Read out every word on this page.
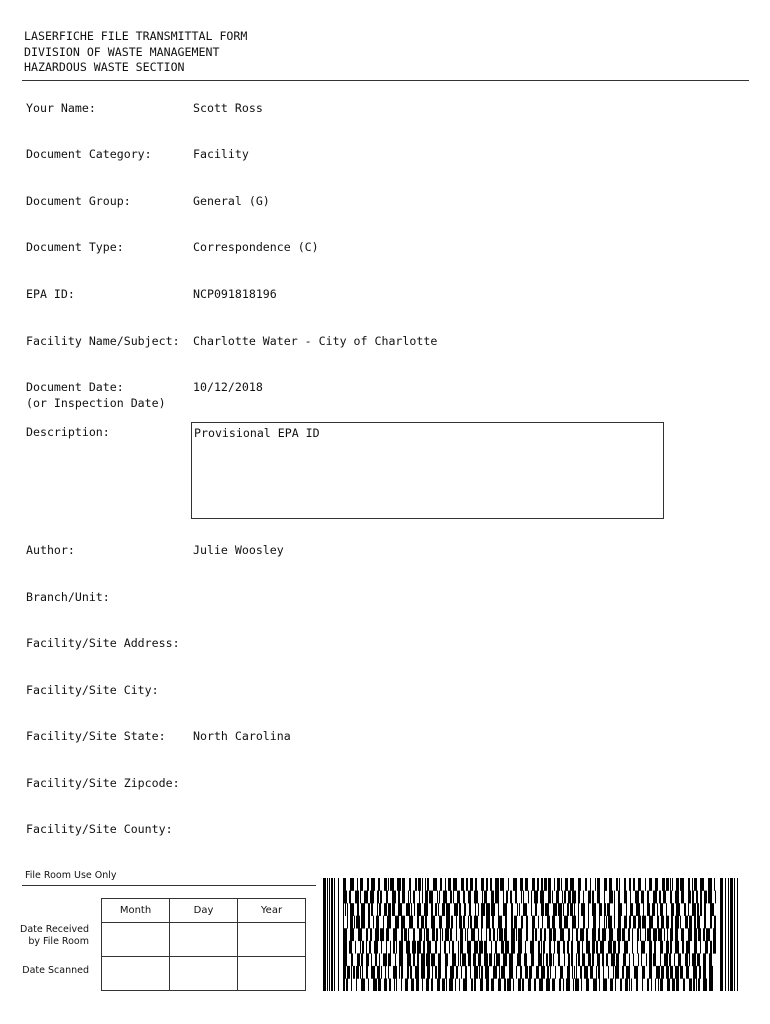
LASERFICHE FILE TRANSMITTAL FORM
DIVISION OF WASTE MANAGEMENT
HAZARDOUS WASTE SECTION
Your Name:	Scott Ross
Document Category:	Facility
Document Group:	General (G)
Document Type:	Correspondence (C)
EPA ID:	NCP091818196
Facility Name/Subject: Charlotte Water - City of Charlotte
Document Date:
(or Inspection Date)
10/12/2018
Description:	Provisional EPA ID
Author:	Julie Woosley
Branch/Unit:
Facility/Site Address:
Facility/Site City:
Facility/Site State: North Carolina
Facility/Site Zipcode:
Facility/Site County:
File Room Use Only
Month	Day	Year

Date Received
by File Room
Date Scanned
